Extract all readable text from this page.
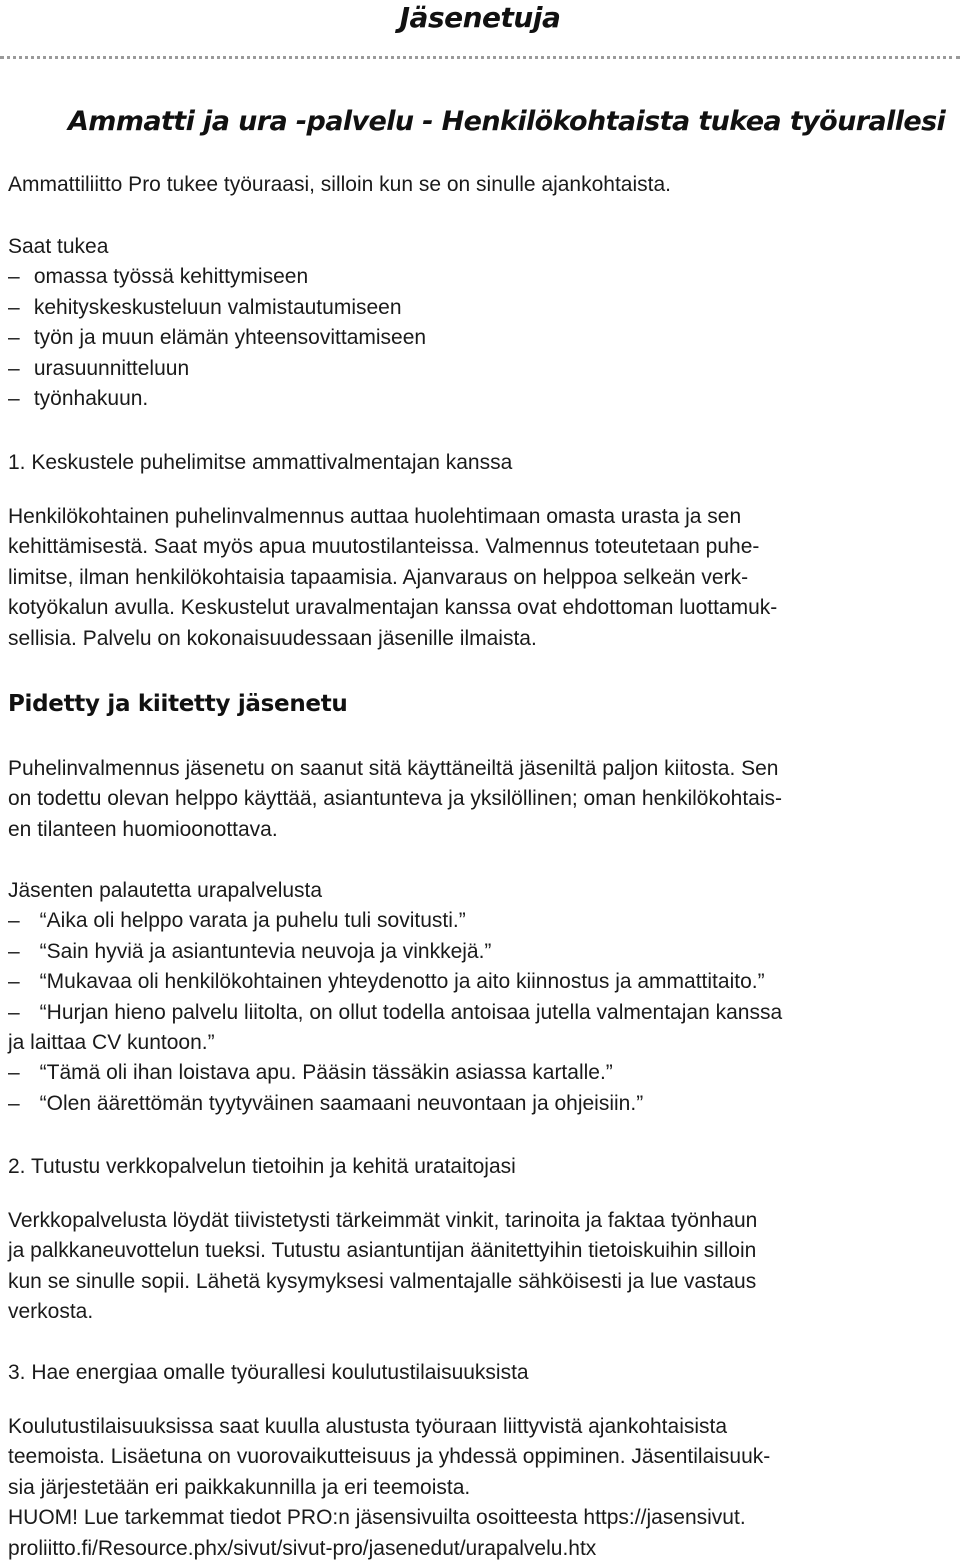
Jäsenetuja
Ammatti ja ura -palvelu - Henkilökohtaista tukea työurallesi

Ammattiliitto Pro tukee työuraasi, silloin kun se on sinulle ajankohtaista.

Saat tukea
– omassa työssä kehittymiseen
– kehityskeskusteluun valmistautumiseen
– työn ja muun elämän yhteensovittamiseen
– urasuunnitteluun
– työnhakuun.

1. Keskustele puhelimitse ammattivalmentajan kanssa

Henkilökohtainen puhelinvalmennus auttaa huolehtimaan omasta urasta ja sen
kehittämisestä. Saat myös apua muutostilanteissa. Valmennus toteutetaan puhe-
limitse, ilman henkilökohtaisia tapaamisia. Ajanvaraus on helppoa selkeän verk-
kotyökalun avulla. Keskustelut uravalmentajan kanssa ovat ehdottoman luottamuk-
sellisia. Palvelu on kokonaisuudessaan jäsenille ilmaista.
Pidetty ja kiitetty jäsenetu
Puhelinvalmennus jäsenetu on saanut sitä käyttäneiltä jäseniltä paljon kiitosta. Sen
on todettu olevan helppo käyttää, asiantunteva ja yksilöllinen; oman henkilökohtais-
en tilanteen huomioonottava.
Jäsenten palautetta urapalvelusta
– “Aika oli helppo varata ja puhelu tuli sovitusti.”
– “Sain hyviä ja asiantuntevia neuvoja ja vinkkejä.”
– “Mukavaa oli henkilökohtainen yhteydenotto ja aito kiinnostus ja ammattitaito.”
– “Hurjan hieno palvelu liitolta, on ollut todella antoisaa jutella valmentajan kanssa
ja laittaa CV kuntoon.”
– “Tämä oli ihan loistava apu. Pääsin tässäkin asiassa kartalle.”
– “Olen äärettömän tyytyväinen saamaani neuvontaan ja ohjeisiin.”

2. Tutustu verkkopalvelun tietoihin ja kehitä urataitojasi

Verkkopalvelusta löydät tiivistetysti tärkeimmät vinkit, tarinoita ja faktaa työnhaun
ja palkkaneuvottelun tueksi. Tutustu asiantuntijan äänitettyihin tietoiskuihin silloin
kun se sinulle sopii. Lähetä kysymyksesi valmentajalle sähköisesti ja lue vastaus
verkosta.

3. Hae energiaa omalle työurallesi koulutustilaisuuksista

Koulutustilaisuuksissa saat kuulla alustusta työuraan liittyvistä ajankohtaisista
teemoista. Lisäetuna on vuorovaikutteisuus ja yhdessä oppiminen. Jäsentilaisuuk-
sia järjestetään eri paikkakunnilla ja eri teemoista.
HUOM! Lue tarkemmat tiedot PRO:n jäsensivuilta osoitteesta https://jasensivut.
proliitto.fi/Resource.phx/sivut/sivut-pro/jasenedut/urapalvelu.htx
